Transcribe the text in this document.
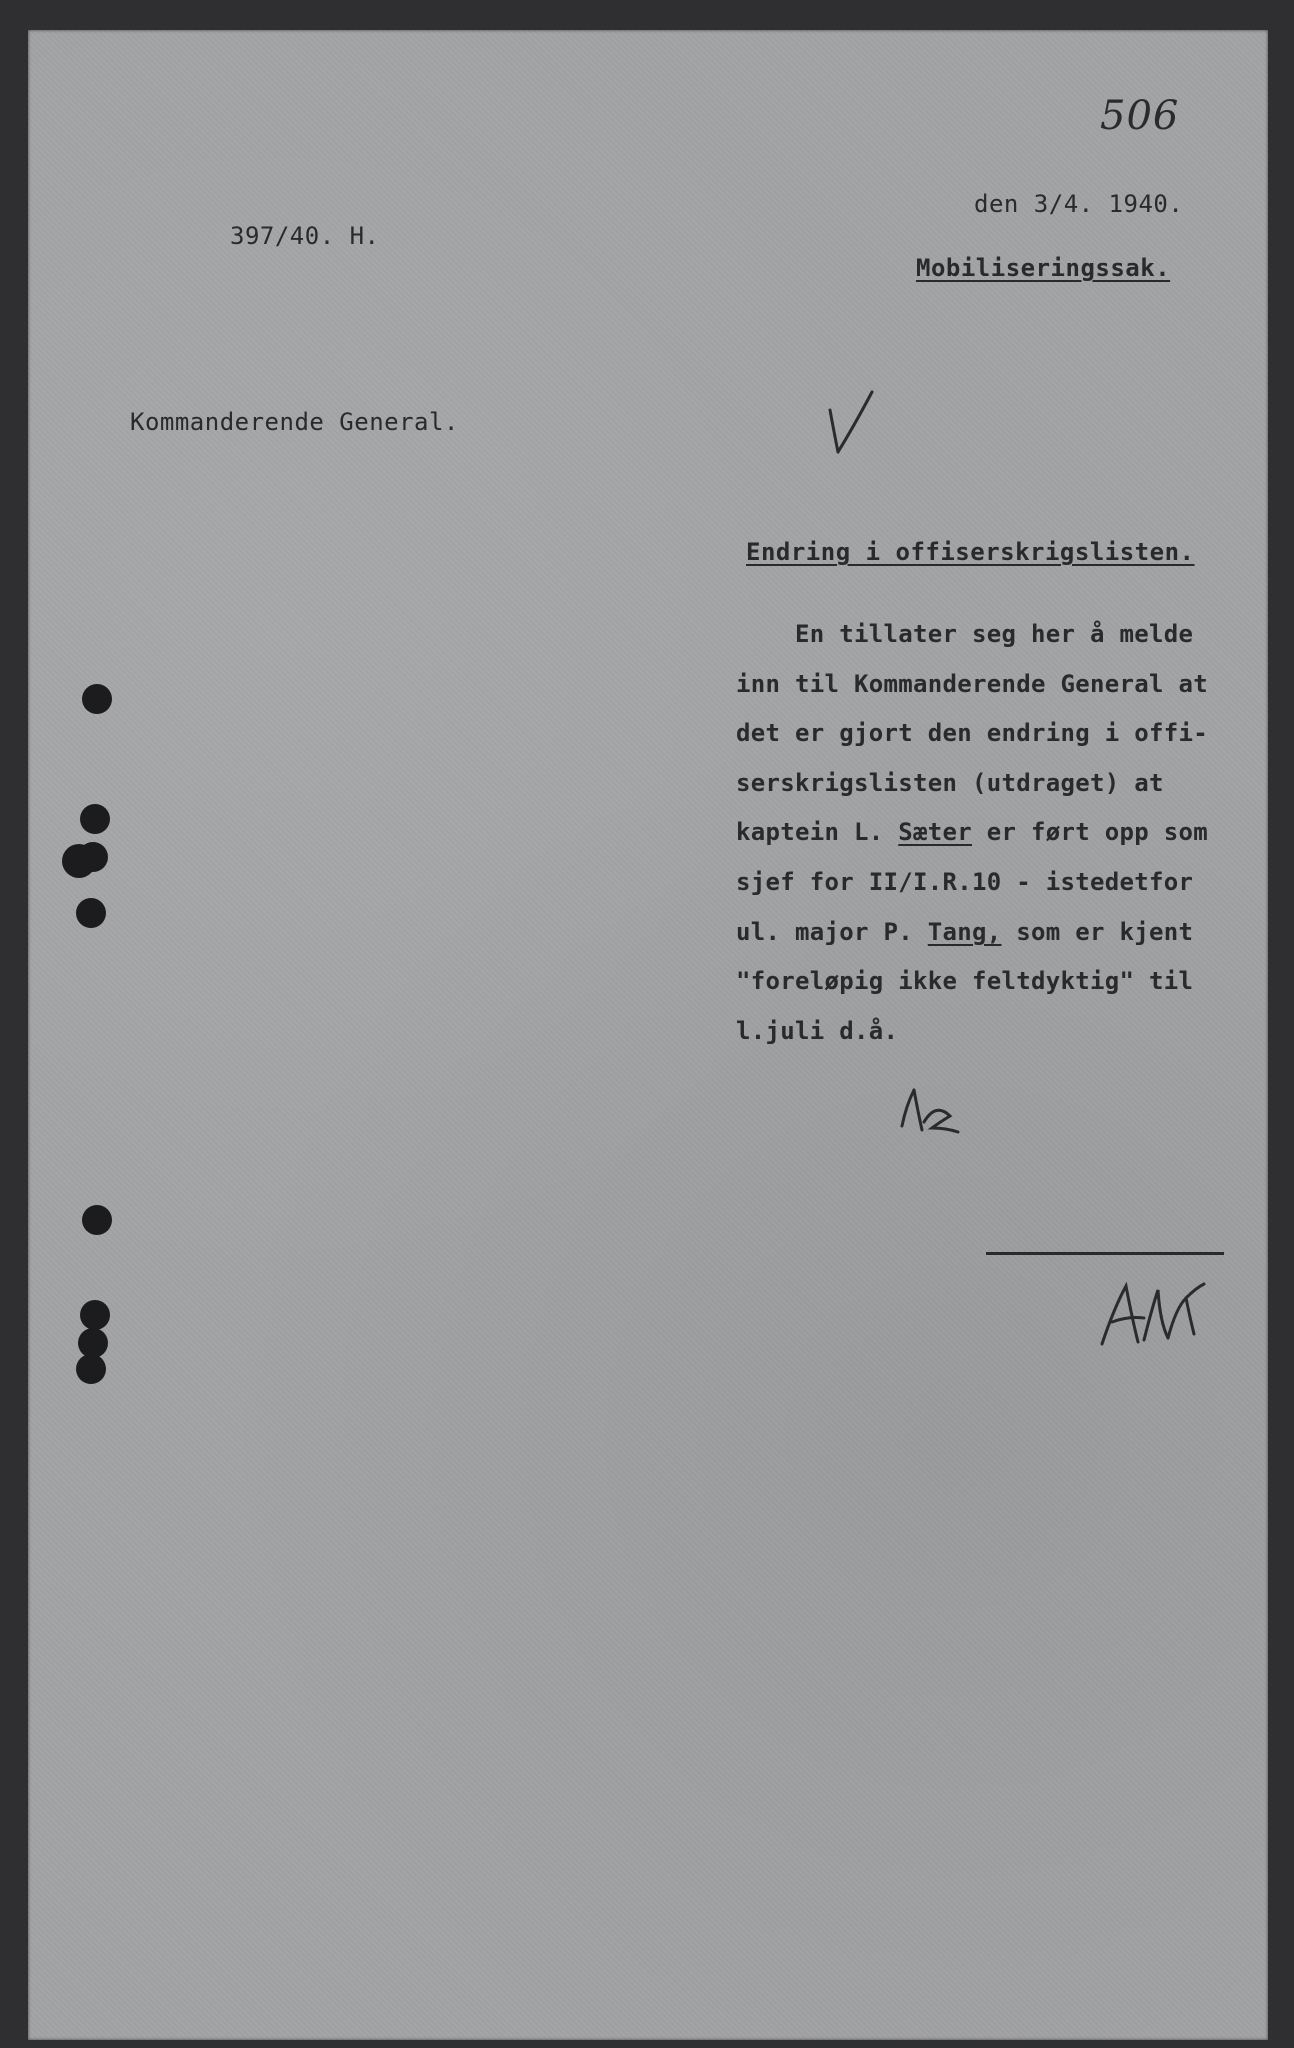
506
den 3/4. 1940.
397/40. H.
Mobiliseringssak.
Kommanderende General.
Endring i offiserskrigslisten.
En tillater seg her å melde
inn til Kommanderende General at
det er gjort den endring i offi-
serskrigslisten (utdraget) at
kaptein L. Sæter er ført opp som
sjef for II/I.R.10 - istedetfor
ul. major P. Tang, som er kjent
"foreløpig ikke feltdyktig" til
l.juli d.å.
